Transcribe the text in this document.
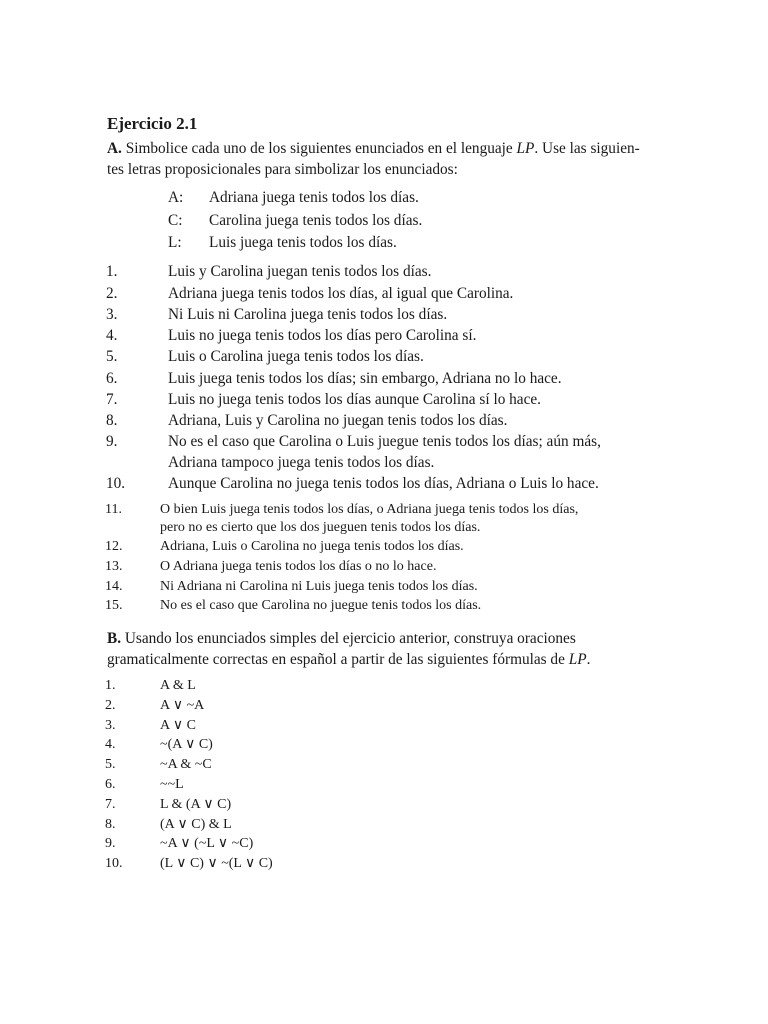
Ejercicio 2.1
A. Simbolice cada uno de los siguientes enunciados en el lenguaje LP. Use las siguien-
tes letras proposicionales para simbolizar los enunciados:
A: Adriana juega tenis todos los días.
C: Carolina juega tenis todos los días.
L: Luis juega tenis todos los días.
1.	Luis y Carolina juegan tenis todos los días.
2.	Adriana juega tenis todos los días, al igual que Carolina.
3.	Ni Luis ni Carolina juega tenis todos los días.
4.	Luis no juega tenis todos los días pero Carolina sí.
5.	Luis o Carolina juega tenis todos los días.
6.	Luis juega tenis todos los días; sin embargo, Adriana no lo hace.
7.	Luis no juega tenis todos los días aunque Carolina sí lo hace.
8.	Adriana, Luis y Carolina no juegan tenis todos los días.
9.	No es el caso que Carolina o Luis juegue tenis todos los días; aún más,
Adriana tampoco juega tenis todos los días.
10.	Aunque Carolina no juega tenis todos los días, Adriana o Luis lo hace.
11.	O bien Luis juega tenis todos los días, o Adriana juega tenis todos los días,
pero no es cierto que los dos jueguen tenis todos los días.
12.	Adriana, Luis o Carolina no juega tenis todos los días.
13.	O Adriana juega tenis todos los días o no lo hace.
14.	Ni Adriana ni Carolina ni Luis juega tenis todos los días.
15.	No es el caso que Carolina no juegue tenis todos los días.
B. Usando los enunciados simples del ejercicio anterior, construya oraciones
gramaticalmente correctas en español a partir de las siguientes fórmulas de LP.
1.	A & L
2.	A ∨ ~A
3.	A ∨ C
4.	~(A ∨ C)
5.	~A & ~C
6.	~~L
7.	L & (A ∨ C)
8.	(A ∨ C) & L
9.	~A ∨ (~L ∨ ~C)
10.	(L ∨ C) ∨ ~(L ∨ C)
